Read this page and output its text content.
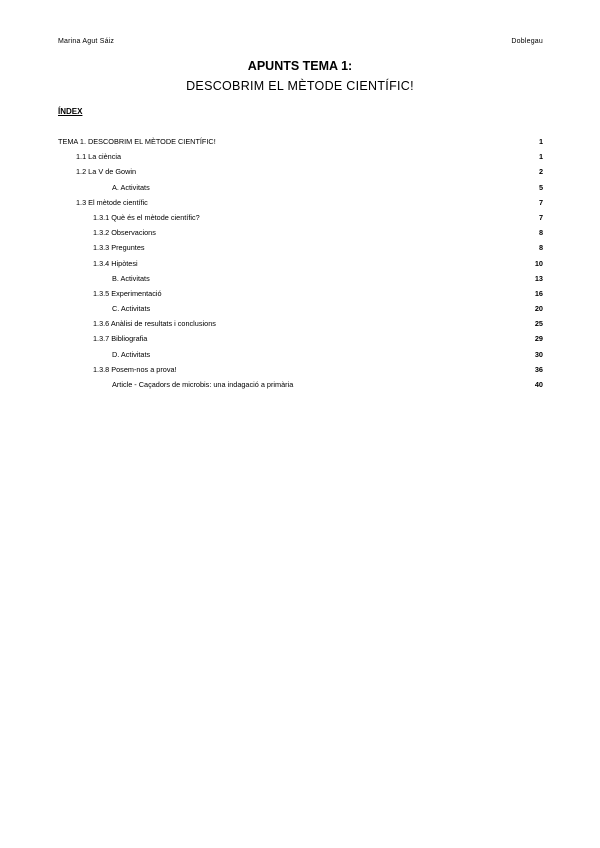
Marina Agut Sáiz	Doblegau
APUNTS TEMA 1:
DESCOBRIM EL MÈTODE CIENTÍFIC!
ÍNDEX
TEMA 1. DESCOBRIM EL MÈTODE CIENTÍFIC!	1
1.1 La ciència	1
1.2 La V de Gowin	2
A. Activitats	5
1.3 El mètode científic	7
1.3.1 Què és el mètode científic?	7
1.3.2 Observacions	8
1.3.3 Preguntes	8
1.3.4 Hipòtesi	10
B. Activitats	13
1.3.5 Experimentació	16
C. Activitats	20
1.3.6 Anàlisi de resultats i conclusions	25
1.3.7 Bibliografia	29
D. Activitats	30
1.3.8 Posem-nos a prova!	36
Article - Caçadors de microbis: una indagació a primària	40
